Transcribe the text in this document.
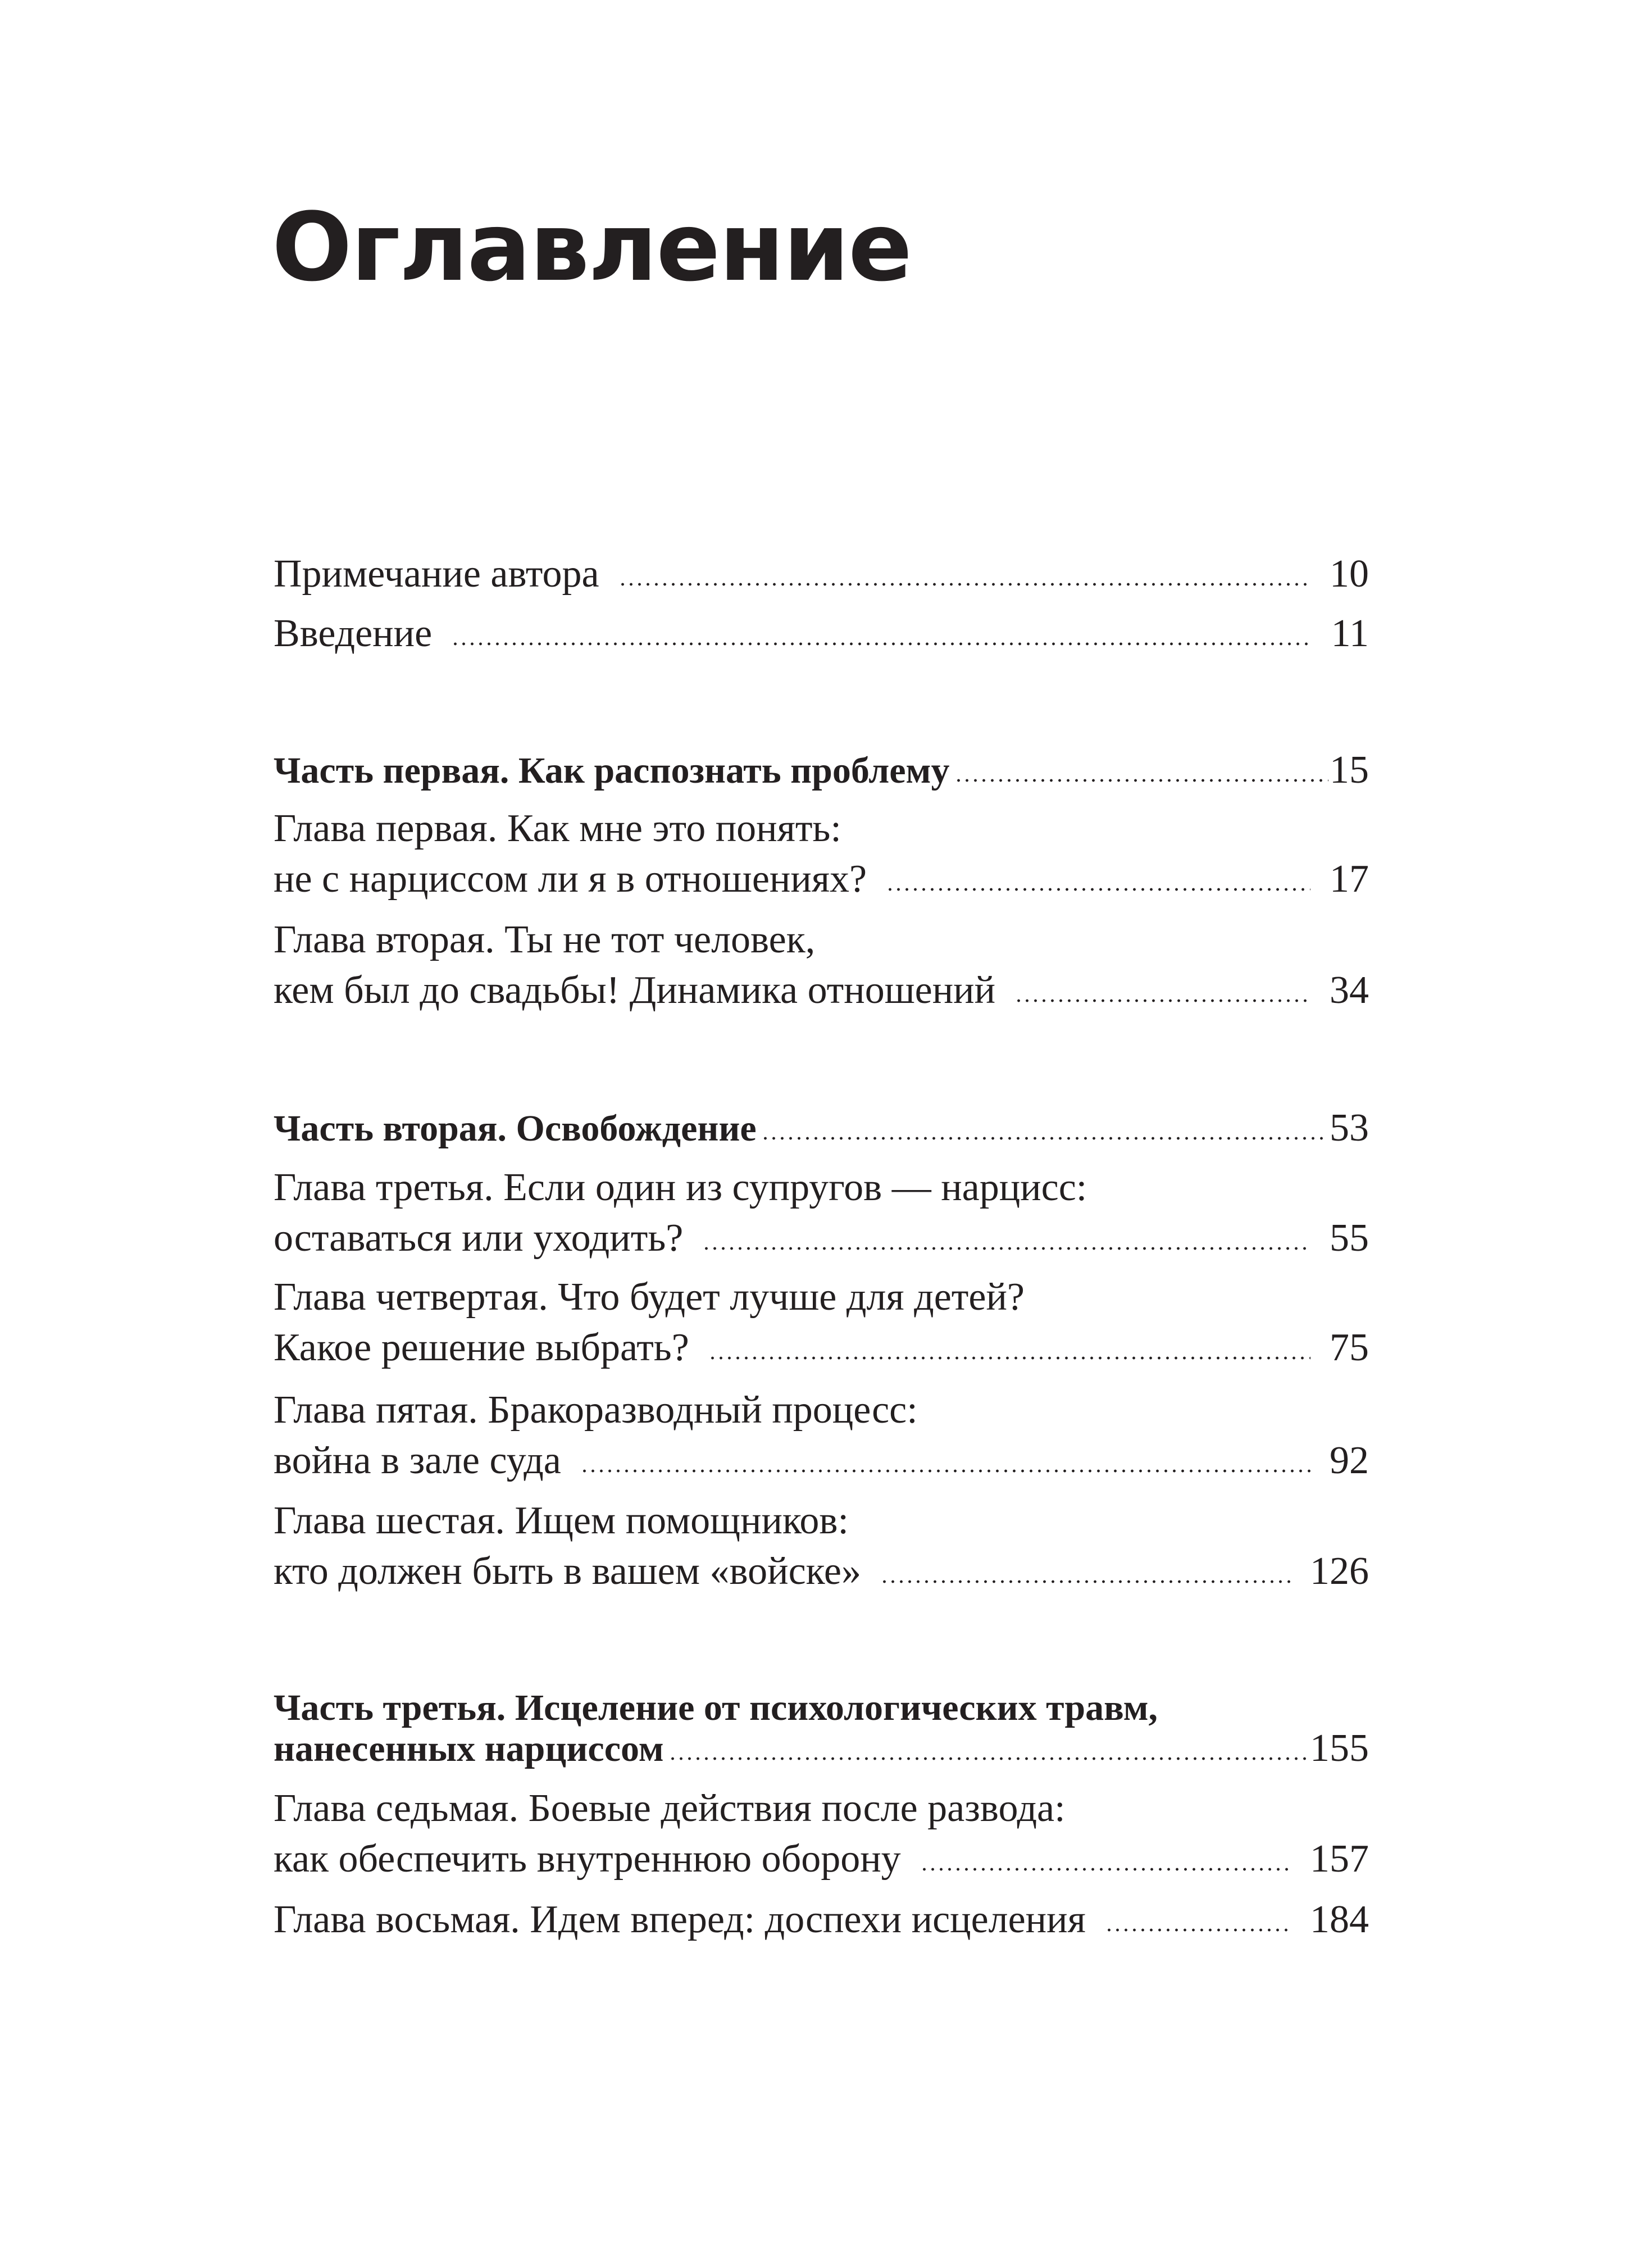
Оглавление
Примечание автора	10
Введение	11
Часть первая. Как распознать проблему	15
Глава первая. Как мне это понять:
не с нарциссом ли я в отношениях?	17
Глава вторая. Ты не тот человек,
кем был до свадьбы! Динамика отношений	34
Часть вторая. Освобождение	53
Глава третья. Если один из супругов — нарцисс:
оставаться или уходить?	55
Глава четвертая. Что будет лучше для детей?
Какое решение выбрать?	75
Глава пятая. Бракоразводный процесс:
война в зале суда	92
Глава шестая. Ищем помощников:
кто должен быть в вашем «войске»	126
Часть третья. Исцеление от психологических травм,
нанесенных нарциссом	155
Глава седьмая. Боевые действия после развода:
как обеспечить внутреннюю оборону	157
Глава восьмая. Идем вперед: доспехи исцеления	184
